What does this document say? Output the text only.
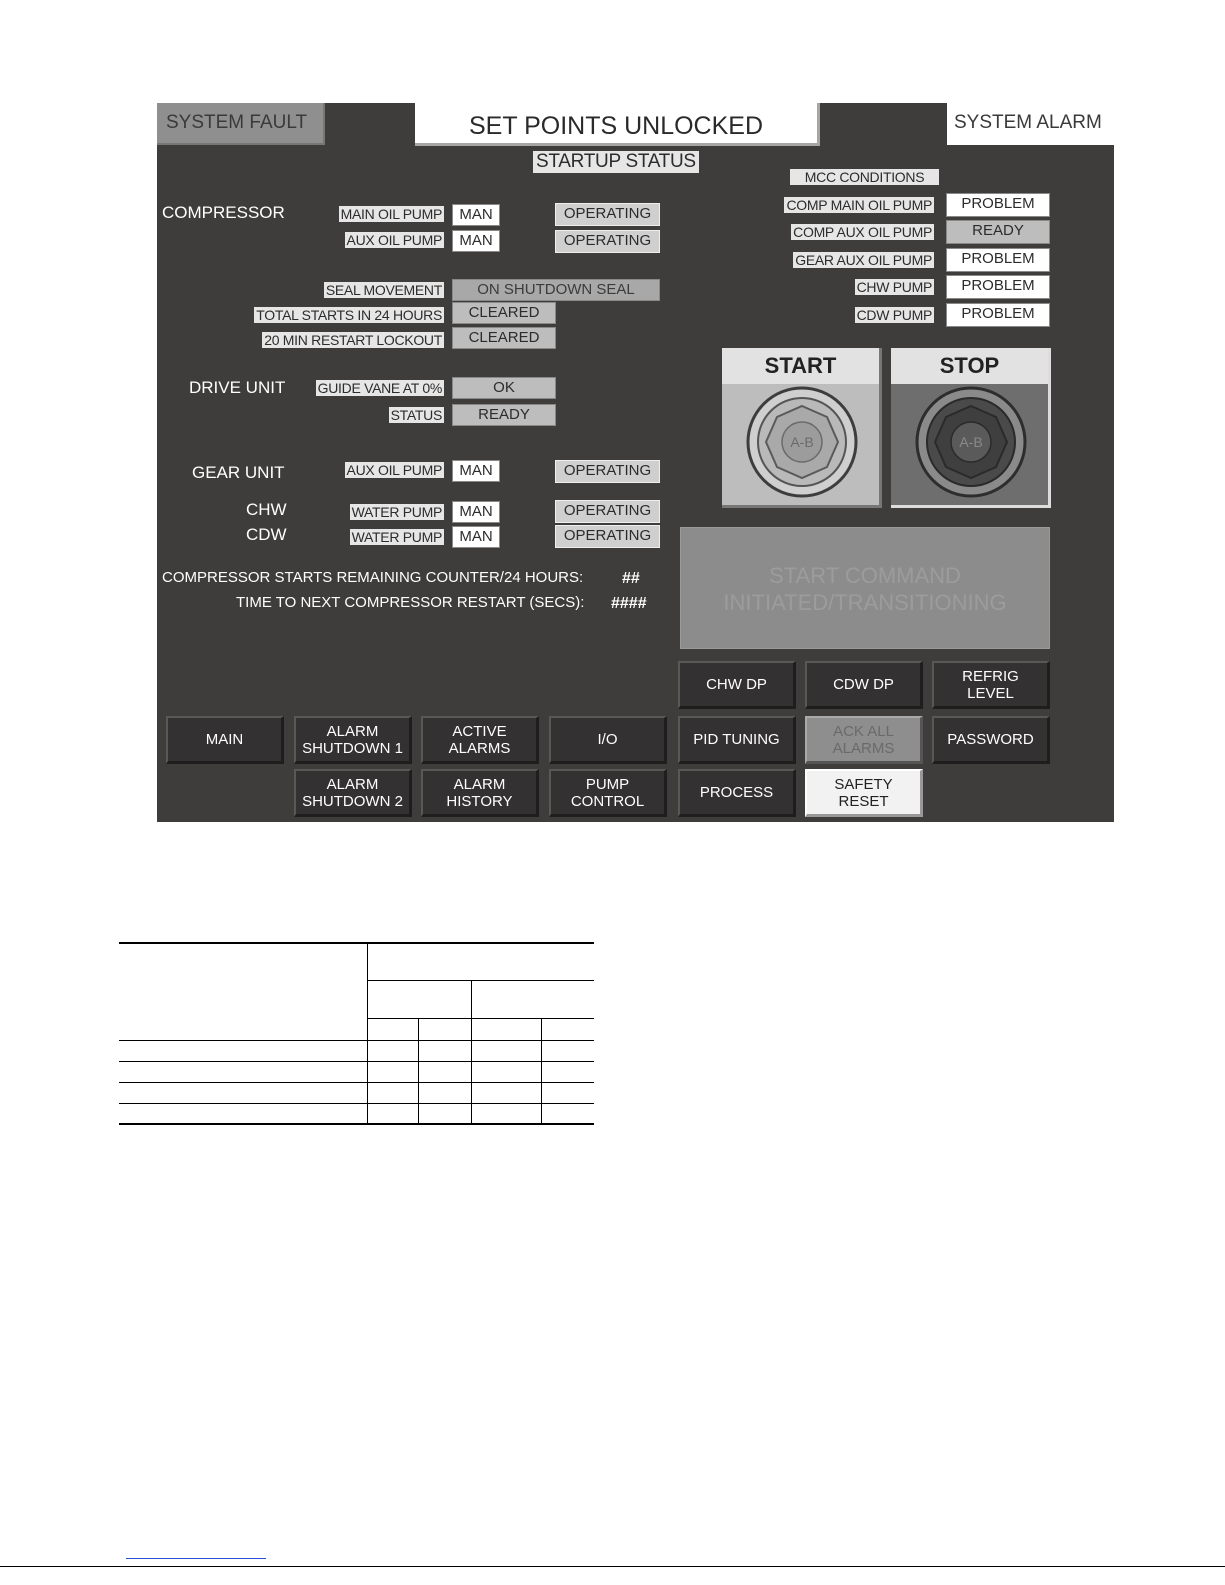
SYSTEM FAULT	SET POINTS UNLOCKED	SYSTEM ALARM
STARTUP STATUS
MCC CONDITIONS
COMPRESSOR	MAIN OIL PUMP	MAN	OPERATING
AUX OIL PUMP	MAN	OPERATING
SEAL MOVEMENT	ON SHUTDOWN SEAL
TOTAL STARTS IN 24 HOURS	CLEARED
20 MIN RESTART LOCKOUT	CLEARED
DRIVE UNIT GUIDE VANE AT 0%	OK
STATUS	READY
GEAR UNIT	AUX OIL PUMP	MAN	OPERATING
CHW	WATER PUMP	MAN	OPERATING
CDW	WATER PUMP	MAN	OPERATING
COMPRESSOR STARTS REMAINING COUNTER/24 HOURS: ##
TIME TO NEXT COMPRESSOR RESTART (SECS): ####
COMP MAIN OIL PUMP	PROBLEM
COMP AUX OIL PUMP	READY
GEAR AUX OIL PUMP	PROBLEM
CHW PUMP	PROBLEM
CDW PUMP	PROBLEM
START
A-B
STOP
A-B
START COMMAND
INITIATED/TRANSITIONING
CHW DP	CDW DP	REFRIG
LEVEL
MAIN	ALARM
SHUTDOWN 1
ACTIVE
ALARMS	I/O	PID TUNING	ACK ALL
ALARMS	PASSWORD
ALARM
SHUTDOWN 2
ALARM
HISTORY
PUMP
CONTROL	PROCESS	SAFETY
RESET
